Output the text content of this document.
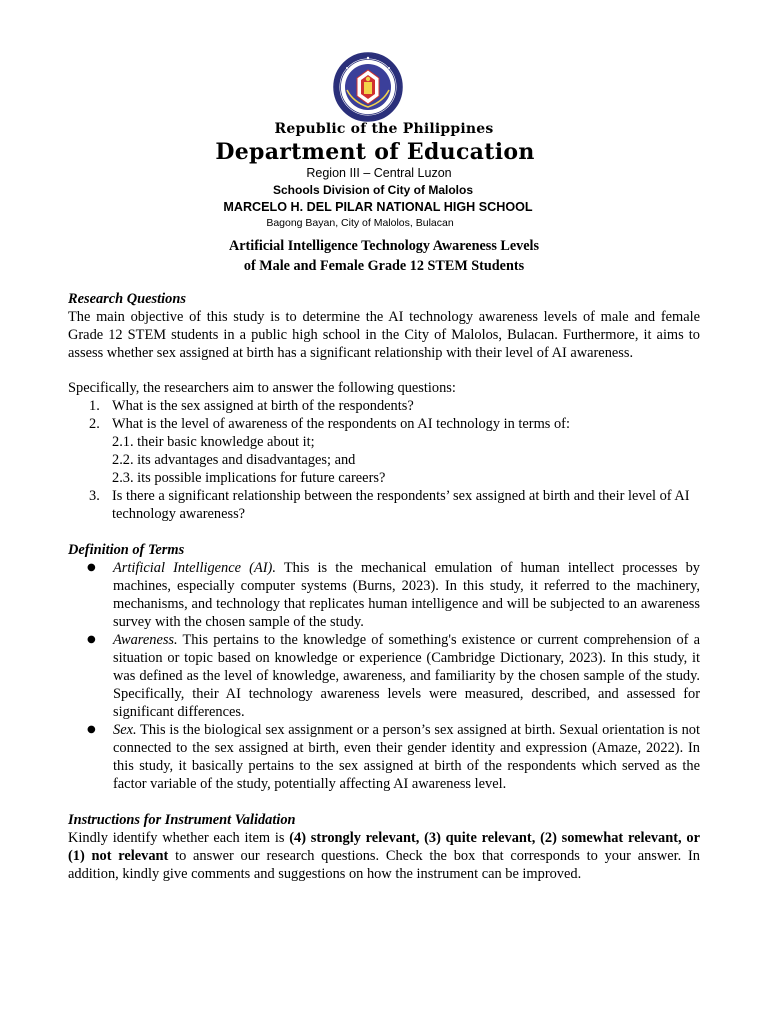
Republic of the Philippines
Department of Education
Region III – Central Luzon
Schools Division of City of Malolos
MARCELO H. DEL PILAR NATIONAL HIGH SCHOOL
Bagong Bayan, City of Malolos, Bulacan
Artificial Intelligence Technology Awareness Levels
of Male and Female Grade 12 STEM Students

Research Questions

The main objective of this study is to determine the AI technology awareness levels of male and female Grade 12 STEM students in a public high school in the City of Malolos, Bulacan. Furthermore, it aims to assess whether sex assigned at birth has a significant relationship with their level of AI awareness.

Specifically, the researchers aim to answer the following questions:

1. What is the sex assigned at birth of the respondents?
2. What is the level of awareness of the respondents on AI technology in terms of:
2.1. their basic knowledge about it;
2.2. its advantages and disadvantages; and
2.3. its possible implications for future careers?
3. Is there a significant relationship between the respondents’ sex assigned at birth and their level of AI technology awareness?

Definition of Terms

● Artificial Intelligence (AI). This is the mechanical emulation of human intellect processes by machines, especially computer systems (Burns, 2023). In this study, it referred to the machinery, mechanisms, and technology that replicates human intelligence and will be subjected to an awareness survey with the chosen sample of the study.
● Awareness. This pertains to the knowledge of something's existence or current comprehension of a situation or topic based on knowledge or experience (Cambridge Dictionary, 2023). In this study, it was defined as the level of knowledge, awareness, and familiarity by the chosen sample of the study. Specifically, their AI technology awareness levels were measured, described, and assessed for significant differences.
● Sex. This is the biological sex assignment or a person’s sex assigned at birth. Sexual orientation is not connected to the sex assigned at birth, even their gender identity and expression (Amaze, 2022). In this study, it basically pertains to the sex assigned at birth of the respondents which served as the factor variable of the study, potentially affecting AI awareness level.

Instructions for Instrument Validation

Kindly identify whether each item is (4) strongly relevant, (3) quite relevant, (2) somewhat relevant, or (1) not relevant to answer our research questions. Check the box that corresponds to your answer. In addition, kindly give comments and suggestions on how the instrument can be improved.
